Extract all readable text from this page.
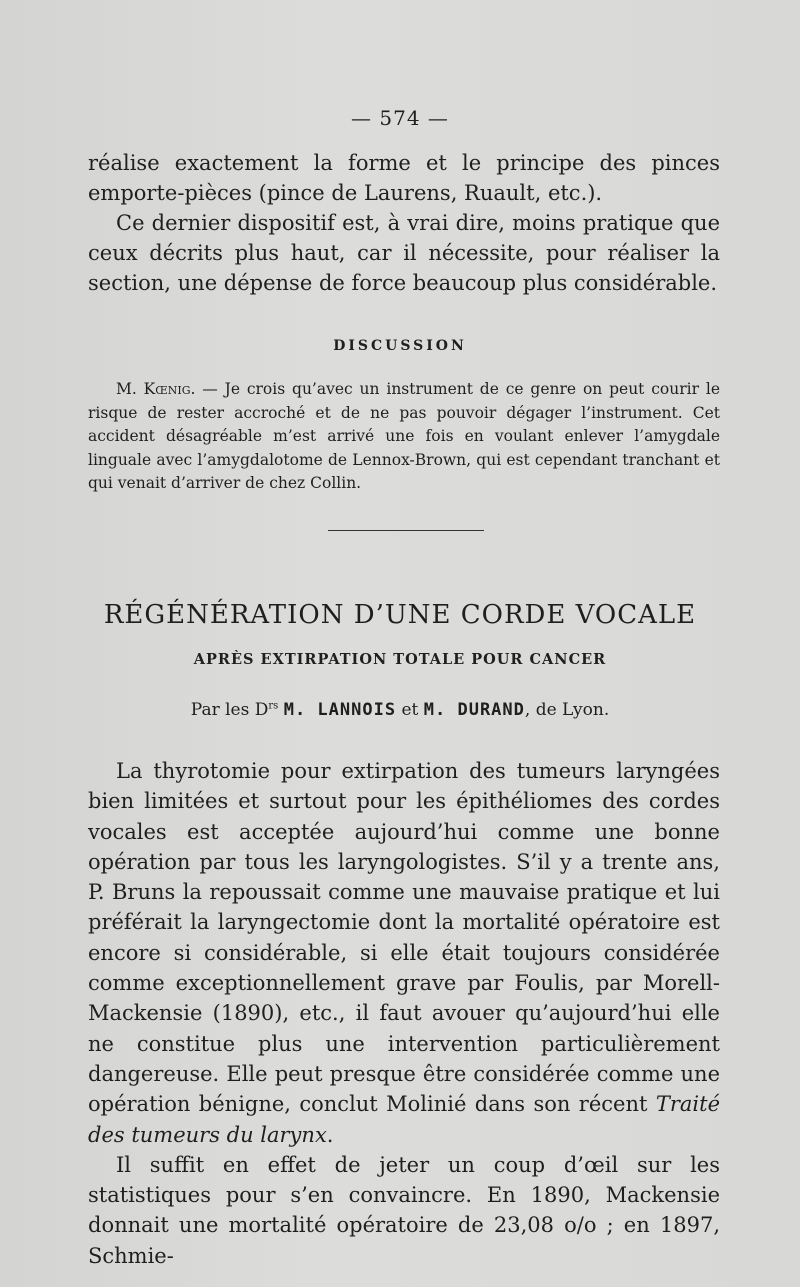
— 574 —

réalise exactement la forme et le principe des pinces emporte-pièces (pince de Laurens, Ruault, etc.).

Ce dernier dispositif est, à vrai dire, moins pratique que ceux décrits plus haut, car il nécessite, pour réaliser la section, une dépense de force beaucoup plus considérable.

DISCUSSION

M. Kœnig. — Je crois qu’avec un instrument de ce genre on peut courir le risque de rester accroché et de ne pas pouvoir dégager l’instrument. Cet accident désagréable m’est arrivé une fois en voulant enlever l’amygdale linguale avec l’amygdalotome de Lennox-Brown, qui est cependant tranchant et qui venait d’arriver de chez Collin.

RÉGÉNÉRATION D’UNE CORDE VOCALE
APRÈS EXTIRPATION TOTALE POUR CANCER
Par les $D^{rs}$ M. LANNOIS et M. DURAND, de Lyon.

La thyrotomie pour extirpation des tumeurs laryngées bien limitées et surtout pour les épithéliomes des cordes vocales est acceptée aujourd’hui comme une bonne opération par tous les laryngologistes. S’il y a trente ans, P. Bruns la repoussait comme une mauvaise pratique et lui préférait la laryngectomie dont la mortalité opératoire est encore si considérable, si elle était toujours considérée comme exceptionnellement grave par Foulis, par Morell-Mackensie (1890), etc., il faut avouer qu’aujourd’hui elle ne constitue plus une intervention particulièrement dangereuse. Elle peut presque être considérée comme une opération bénigne, conclut Molinié dans son récent Traité des tumeurs du larynx.

Il suffit en effet de jeter un coup d’œil sur les statistiques pour s’en convaincre. En 1890, Mackensie donnait une mortalité opératoire de 23,08 o/o ; en 1897, Schmie-
